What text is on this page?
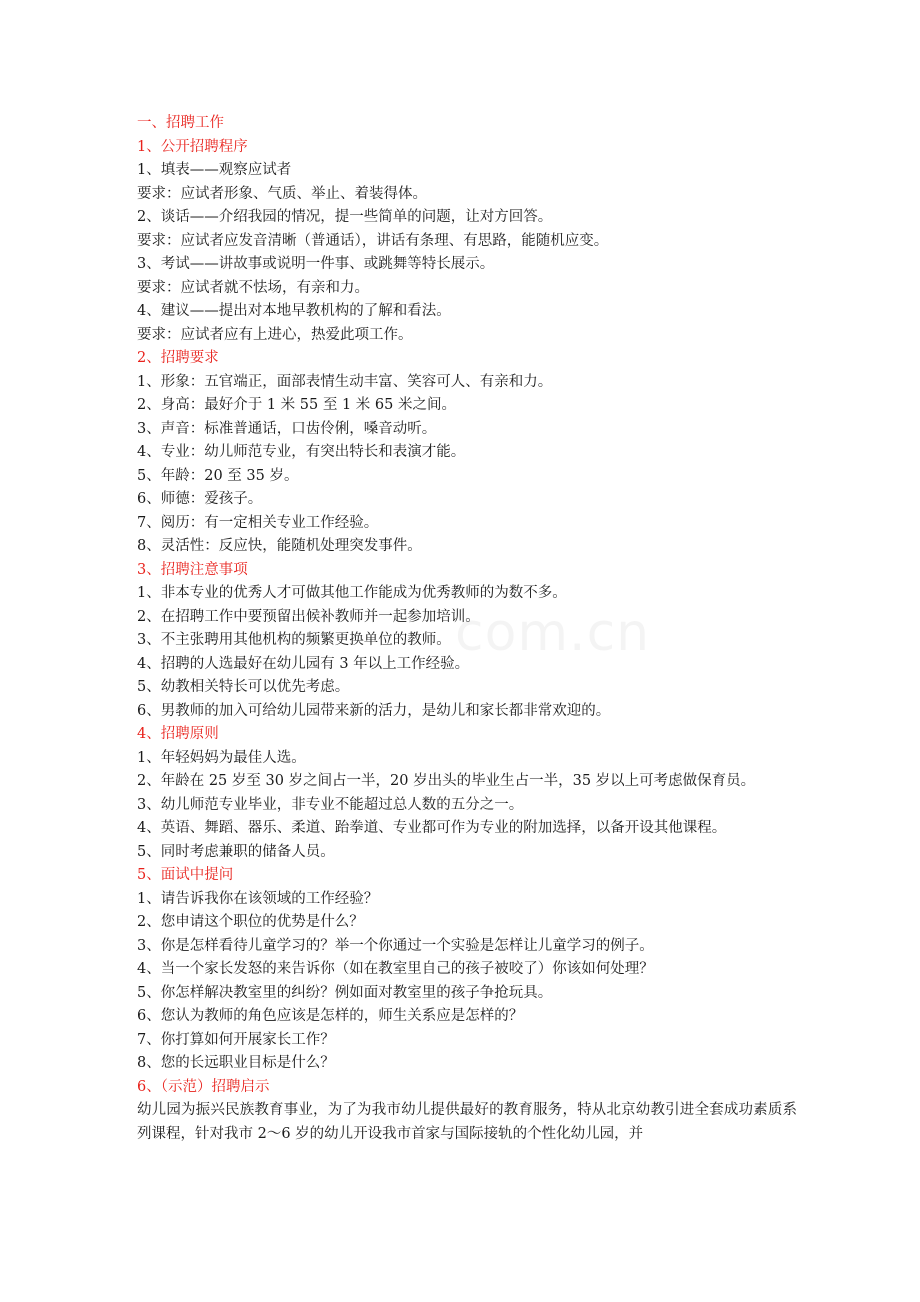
一、招聘工作
1、公开招聘程序
1、填表——观察应试者
要求：应试者形象、气质、举止、着装得体。
2、谈话——介绍我园的情况，提一些简单的问题，让对方回答。
要求：应试者应发音清晰（普通话），讲话有条理、有思路，能随机应变。
3、考试——讲故事或说明一件事、或跳舞等特长展示。
要求：应试者就不怯场，有亲和力。
4、建议——提出对本地早教机构的了解和看法。
要求：应试者应有上进心，热爱此项工作。
2、招聘要求
1、形象：五官端正，面部表情生动丰富、笑容可人、有亲和力。
2、身高：最好介于 1 米 55 至 1 米 65 米之间。
3、声音：标准普通话，口齿伶俐，嗓音动听。
4、专业：幼儿师范专业，有突出特长和表演才能。
5、年龄：20 至 35 岁。
6、师德：爱孩子。
7、阅历：有一定相关专业工作经验。
8、灵活性：反应快，能随机处理突发事件。
3、招聘注意事项
1、非本专业的优秀人才可做其他工作能成为优秀教师的为数不多。
2、在招聘工作中要预留出候补教师并一起参加培训。
3、不主张聘用其他机构的频繁更换单位的教师。
4、招聘的人选最好在幼儿园有 3 年以上工作经验。
5、幼教相关特长可以优先考虑。
6、男教师的加入可给幼儿园带来新的活力，是幼儿和家长都非常欢迎的。
4、招聘原则
1、年轻妈妈为最佳人选。
2、年龄在 25 岁至 30 岁之间占一半，20 岁出头的毕业生占一半，35 岁以上可考虑做保育员。
3、幼儿师范专业毕业，非专业不能超过总人数的五分之一。
4、英语、舞蹈、器乐、柔道、跆拳道、专业都可作为专业的附加选择，以备开设其他课程。
5、同时考虑兼职的储备人员。
5、面试中提问
1、请告诉我你在该领域的工作经验？
2、您申请这个职位的优势是什么？
3、你是怎样看待儿童学习的？举一个你通过一个实验是怎样让儿童学习的例子。
4、当一个家长发怒的来告诉你（如在教室里自己的孩子被咬了）你该如何处理？
5、你怎样解决教室里的纠纷？例如面对教室里的孩子争抢玩具。
6、您认为教师的角色应该是怎样的，师生关系应是怎样的？
7、你打算如何开展家长工作？
8、您的长远职业目标是什么？
6、（示范）招聘启示
幼儿园为振兴民族教育事业，为了为我市幼儿提供最好的教育服务，特从北京幼教引进全套成功素质系列课程，针对我市 2～6 岁的幼儿开设我市首家与国际接轨的个性化幼儿园，并
